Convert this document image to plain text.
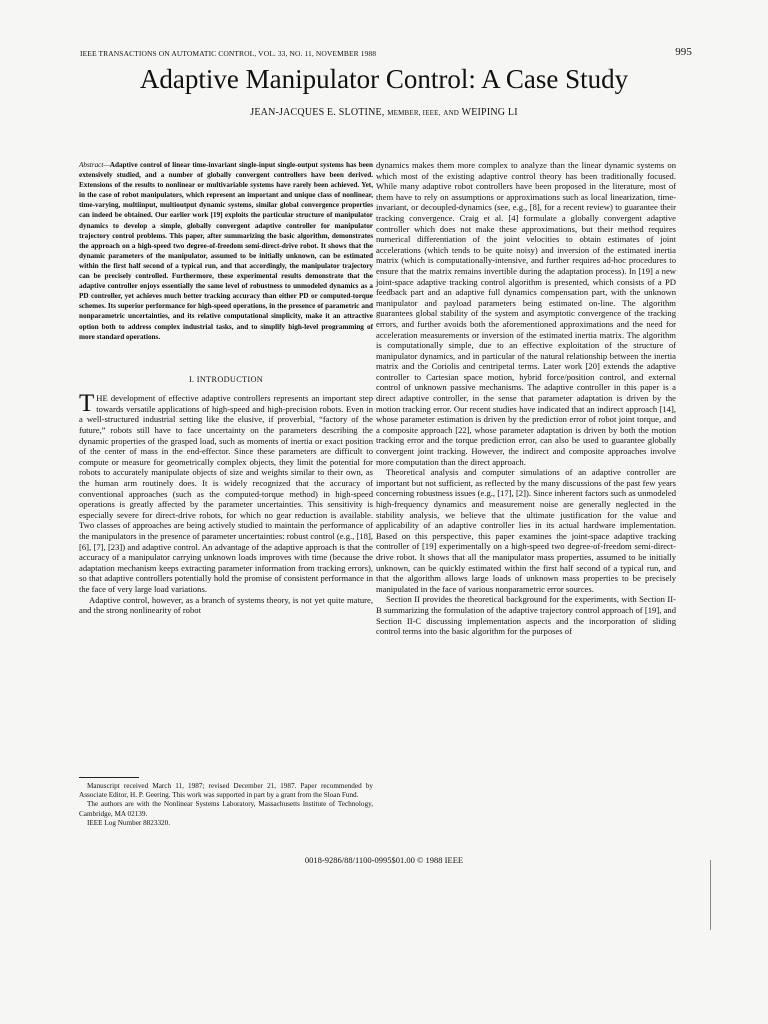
IEEE TRANSACTIONS ON AUTOMATIC CONTROL, VOL. 33, NO. 11, NOVEMBER 1988	995
Adaptive Manipulator Control: A Case Study
JEAN-JACQUES E. SLOTINE, MEMBER, IEEE, AND WEIPING LI

Abstract—Adaptive control of linear time-invariant single-input single-output systems has been extensively studied, and a number of globally convergent controllers have been derived. Extensions of the results to nonlinear or multivariable systems have rarely been achieved. Yet, in the case of robot manipulators, which represent an important and unique class of nonlinear, time-varying, multiinput, multioutput dynamic systems, similar global convergence properties can indeed be obtained. Our earlier work [19] exploits the particular structure of manipulator dynamics to develop a simple, globally convergent adaptive controller for manipulator trajectory control problems. This paper, after summarizing the basic algorithm, demonstrates the approach on a high-speed two degree-of-freedom semi-direct-drive robot. It shows that the dynamic parameters of the manipulator, assumed to be initially unknown, can be estimated within the first half second of a typical run, and that accordingly, the manipulator trajectory can be precisely controlled. Furthermore, these experimental results demonstrate that the adaptive controller enjoys essentially the same level of robustness to unmodeled dynamics as a PD controller, yet achieves much better tracking accuracy than either PD or computed-torque schemes. Its superior performance for high-speed operations, in the presence of parametric and nonparametric uncertainties, and its relative computational simplicity, make it an attractive option both to address complex industrial tasks, and to simplify high-level programming of more standard operations.

I. INTRODUCTION

THE development of effective adaptive controllers represents an important step towards versatile applications of high-speed and high-precision robots. Even in a well-structured industrial setting like the elusive, if proverbial, “factory of the future,” robots still have to face uncertainty on the parameters describing the dynamic properties of the grasped load, such as moments of inertia or exact position of the center of mass in the end-effector. Since these parameters are difficult to compute or measure for geometrically complex objects, they limit the potential for robots to accurately manipulate objects of size and weights similar to their own, as the human arm routinely does. It is widely recognized that the accuracy of conventional approaches (such as the computed-torque method) in high-speed operations is greatly affected by the parameter uncertainties. This sensitivity is especially severe for direct-drive robots, for which no gear reduction is available. Two classes of approaches are being actively studied to maintain the performance of the manipulators in the presence of parameter uncertainties: robust control (e.g., [18], [6], [7], [23]) and adaptive control. An advantage of the adaptive approach is that the accuracy of a manipulator carrying unknown loads improves with time (because the adaptation mechanism keeps extracting parameter information from tracking errors), so that adaptive controllers potentially hold the promise of consistent performance in the face of very large load variations.

Adaptive control, however, as a branch of systems theory, is not yet quite mature, and the strong nonlinearity of robot

Manuscript received March 11, 1987; revised December 21, 1987. Paper recommended by Associate Editor, H. P. Geering. This work was supported in part by a grant from the Sloan Fund.

The authors are with the Nonlinear Systems Laboratory, Massachusetts Institute of Technology, Cambridge, MA 02139.

IEEE Log Number 8823320.

dynamics makes them more complex to analyze than the linear dynamic systems on which most of the existing adaptive control theory has been traditionally focused. While many adaptive robot controllers have been proposed in the literature, most of them have to rely on assumptions or approximations such as local linearization, time-invariant, or decoupled-dynamics (see, e.g., [8], for a recent review) to guarantee their tracking convergence. Craig et al. [4] formulate a globally convergent adaptive controller which does not make these approximations, but their method requires numerical differentiation of the joint velocities to obtain estimates of joint accelerations (which tends to be quite noisy) and inversion of the estimated inertia matrix (which is computationally-intensive, and further requires ad-hoc procedures to ensure that the matrix remains invertible during the adaptation process). In [19] a new joint-space adaptive tracking control algorithm is presented, which consists of a PD feedback part and an adaptive full dynamics compensation part, with the unknown manipulator and payload parameters being estimated on-line. The algorithm guarantees global stability of the system and asymptotic convergence of the tracking errors, and further avoids both the aforementioned approximations and the need for acceleration measurements or inversion of the estimated inertia matrix. The algorithm is computationally simple, due to an effective exploitation of the structure of manipulator dynamics, and in particular of the natural relationship between the inertia matrix and the Coriolis and centripetal terms. Later work [20] extends the adaptive controller to Cartesian space motion, hybrid force/position control, and external control of unknown passive mechanisms. The adaptive controller in this paper is a direct adaptive controller, in the sense that parameter adaptation is driven by the motion tracking error. Our recent studies have indicated that an indirect approach [14], whose parameter estimation is driven by the prediction error of robot joint torque, and a composite approach [22], whose parameter adaptation is driven by both the motion tracking error and the torque prediction error, can also be used to guarantee globally convergent joint tracking. However, the indirect and composite approaches involve more computation than the direct approach.

Theoretical analysis and computer simulations of an adaptive controller are important but not sufficient, as reflected by the many discussions of the past few years concerning robustness issues (e.g., [17], [2]). Since inherent factors such as unmodeled high-frequency dynamics and measurement noise are generally neglected in the stability analysis, we believe that the ultimate justification for the value and applicability of an adaptive controller lies in its actual hardware implementation. Based on this perspective, this paper examines the joint-space adaptive tracking controller of [19] experimentally on a high-speed two degree-of-freedom semi-direct-drive robot. It shows that all the manipulator mass properties, assumed to be initially unknown, can be quickly estimated within the first half second of a typical run, and that the algorithm allows large loads of unknown mass properties to be precisely manipulated in the face of various nonparametric error sources.

Section II provides the theoretical background for the experiments, with Section II-B summarizing the formulation of the adaptive trajectory control approach of [19], and Section II-C discussing implementation aspects and the incorporation of sliding control terms into the basic algorithm for the purposes of

0018-9286/88/1100-0995$01.00 © 1988 IEEE
